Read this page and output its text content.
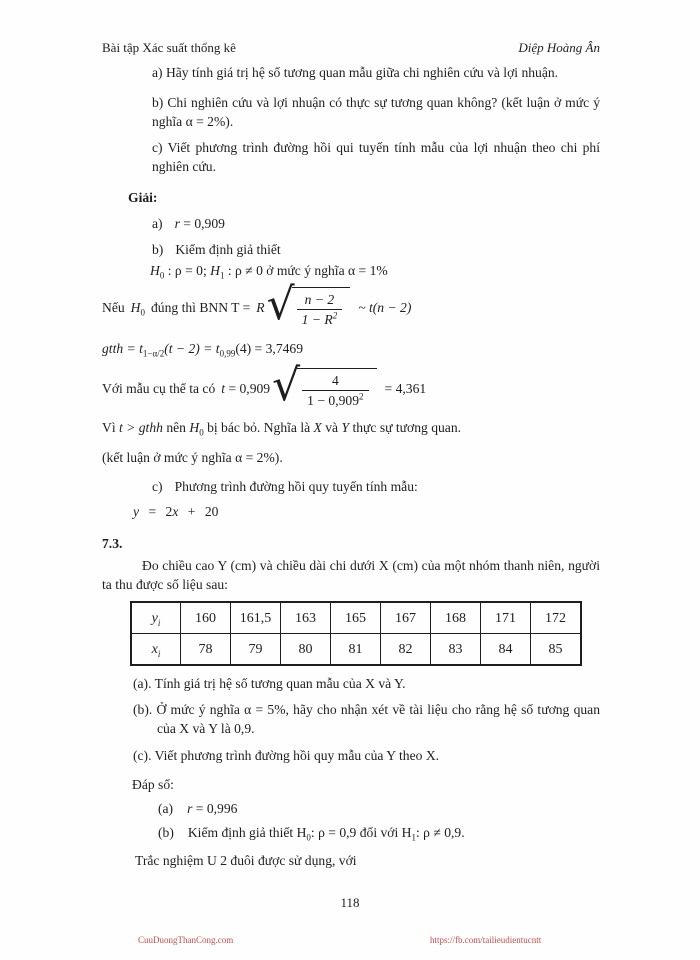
Bài tập Xác suất thống kê	Diệp Hoàng Ân
a) Hãy tính giá trị hệ số tương quan mẫu giữa chi nghiên cứu và lợi nhuận.
b) Chi nghiên cứu và lợi nhuận có thực sự tương quan không? (kết luận ở mức ý nghĩa α = 2%).
c) Viết phương trình đường hồi qui tuyến tính mẫu của lợi nhuận theo chi phí nghiên cứu.
Giải:
a) r = 0,909
b) Kiểm định giả thiết
$H_0$ : ρ = 0; $H_1$ : ρ ≠ 0 ở mức ý nghĩa α = 1%
Nếu $H_0$ đúng thì BNN T = R √ n − 2
$1 - R^2$
~ t(n − 2)
gtth = $t_{1-\alpha/2}(t - 2) = t_{0,99}(4) = 3,7469$
Với mẫu cụ thể ta có t = 0,909 √ 4
$1 - 0,909^2$
= 4,361
Vì t > gthh nên $H_0$ bị bác bỏ. Nghĩa là X và Y thực sự tương quan.
(kết luận ở mức ý nghĩa α = 2%).
c) Phương trình đường hồi quy tuyến tính mẫu:
y = 2x + 20
7.3.
Đo chiều cao Y (cm) và chiều dài chi dưới X (cm) của một nhóm thanh niên, người ta thu được số liệu sau:
$y_i$	160	161,5	163	165	167	168	171	172
$x_i$	78	79	80	81	82	83	84	85
(a). Tính giá trị hệ số tương quan mẫu của X và Y.
(b). Ở mức ý nghĩa α = 5%, hãy cho nhận xét về tài liệu cho rằng hệ số tương quan của X và Y là 0,9.
(c). Viết phương trình đường hồi quy mẫu của Y theo X.
Đáp số:
(a) r = 0,996
(b) Kiểm định giả thiết $H_0$: ρ = 0,9 đối với $H_1$: ρ ≠ 0,9.
Trắc nghiệm U 2 đuôi được sử dụng, với
118
CuuDuongThanCong.com	https://fb.com/tailieudientucntt
